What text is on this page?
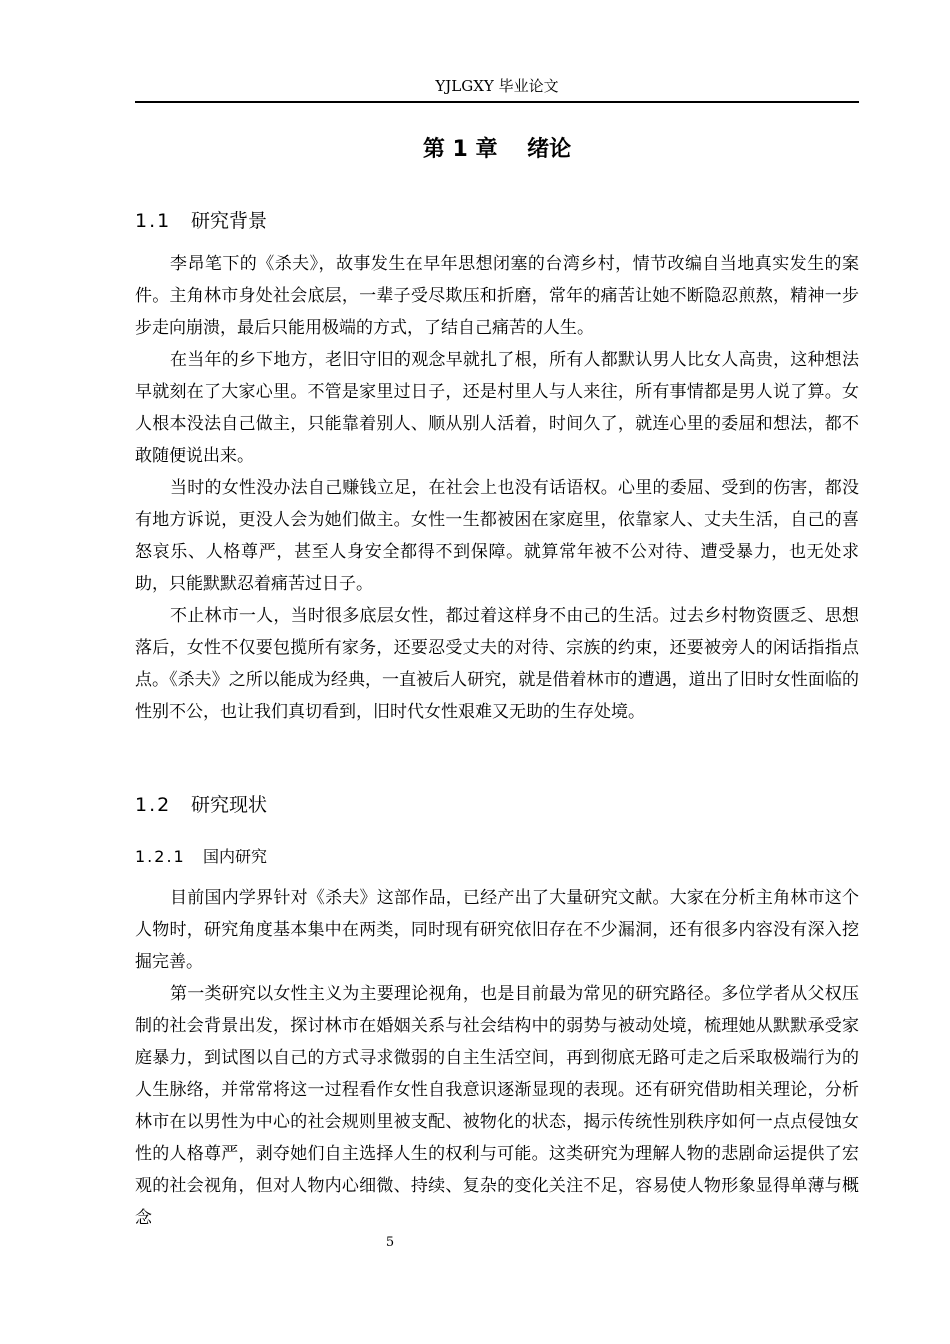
YJLGXY 毕业论文
第 1 章　 绪论
1.1 研究背景

李昂笔下的《杀夫》，故事发生在早年思想闭塞的台湾乡村，情节改编自当地真实发生的案件。主角林市身处社会底层，一辈子受尽欺压和折磨，常年的痛苦让她不断隐忍煎熬，精神一步步走向崩溃，最后只能用极端的方式，了结自己痛苦的人生。

在当年的乡下地方，老旧守旧的观念早就扎了根，所有人都默认男人比女人高贵，这种想法早就刻在了大家心里。不管是家里过日子，还是村里人与人来往，所有事情都是男人说了算。女人根本没法自己做主，只能靠着别人、顺从别人活着，时间久了，就连心里的委屈和想法，都不敢随便说出来。

当时的女性没办法自己赚钱立足，在社会上也没有话语权。心里的委屈、受到的伤害，都没有地方诉说，更没人会为她们做主。女性一生都被困在家庭里，依靠家人、丈夫生活，自己的喜怒哀乐、人格尊严，甚至人身安全都得不到保障。就算常年被不公对待、遭受暴力，也无处求助，只能默默忍着痛苦过日子。

不止林市一人，当时很多底层女性，都过着这样身不由己的生活。过去乡村物资匮乏、思想落后，女性不仅要包揽所有家务，还要忍受丈夫的对待、宗族的约束，还要被旁人的闲话指指点点。《杀夫》之所以能成为经典，一直被后人研究，就是借着林市的遭遇，道出了旧时女性面临的性别不公，也让我们真切看到，旧时代女性艰难又无助的生存处境。

1.2 研究现状
1.2.1 国内研究

目前国内学界针对《杀夫》这部作品，已经产出了大量研究文献。大家在分析主角林市这个人物时，研究角度基本集中在两类，同时现有研究依旧存在不少漏洞，还有很多内容没有深入挖掘完善。

第一类研究以女性主义为主要理论视角，也是目前最为常见的研究路径。多位学者从父权压制的社会背景出发，探讨林市在婚姻关系与社会结构中的弱势与被动处境，梳理她从默默承受家庭暴力，到试图以自己的方式寻求微弱的自主生活空间，再到彻底无路可走之后采取极端行为的人生脉络，并常常将这一过程看作女性自我意识逐渐显现的表现。还有研究借助相关理论，分析林市在以男性为中心的社会规则里被支配、被物化的状态，揭示传统性别秩序如何一点点侵蚀女性的人格尊严，剥夺她们自主选择人生的权利与可能。这类研究为理解人物的悲剧命运提供了宏观的社会视角，但对人物内心细微、持续、复杂的变化关注不足，容易使人物形象显得单薄与概念

5
